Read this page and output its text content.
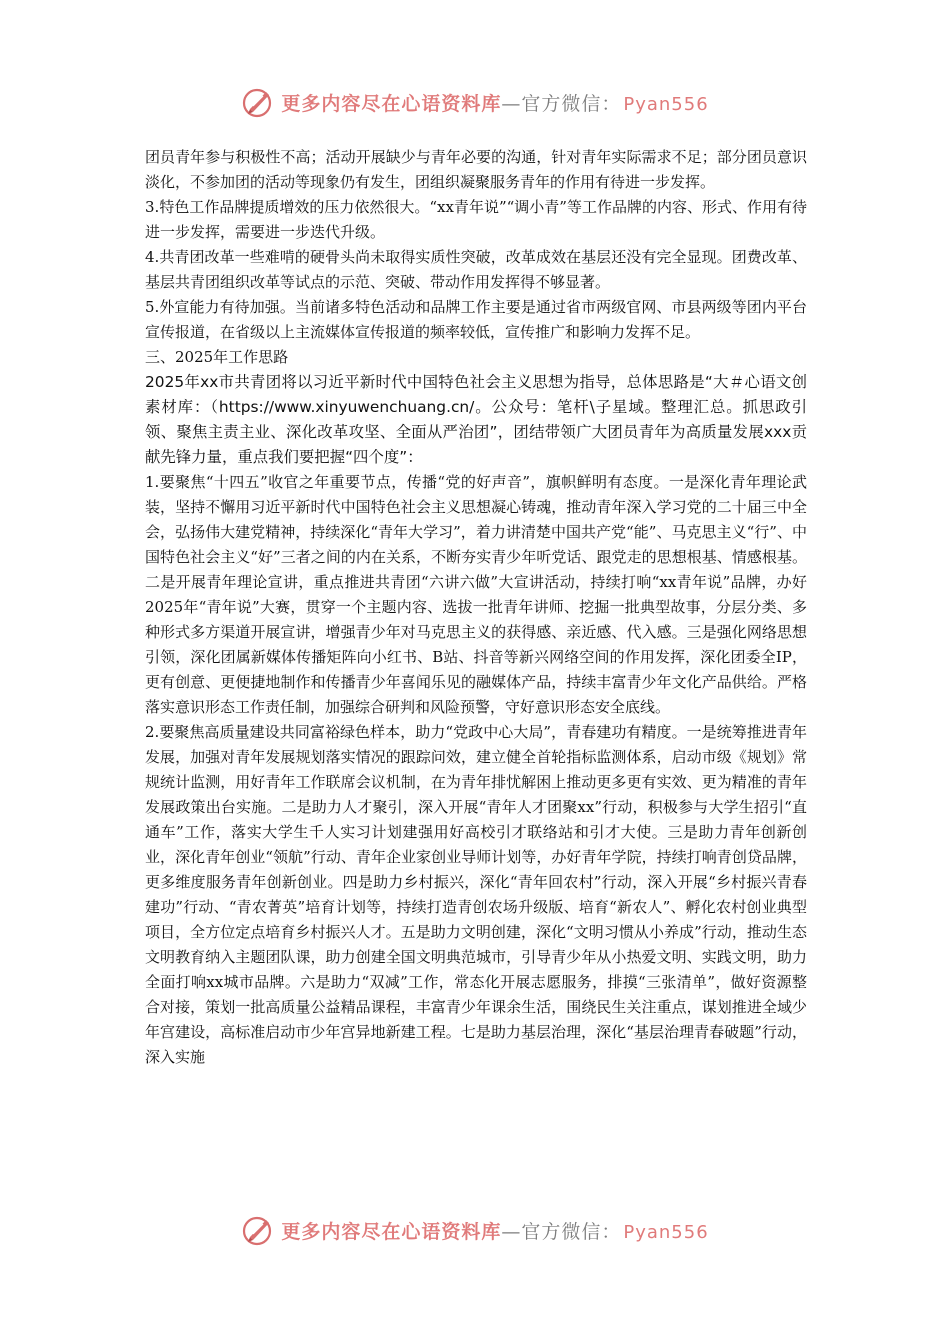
更多内容尽在心语资料库—官方微信： Pyan556

团员青年参与积极性不高；活动开展缺少与青年必要的沟通，针对青年实际需求不足；部分团员意识淡化，不参加团的活动等现象仍有发生，团组织凝聚服务青年的作用有待进一步发挥。

3.特色工作品牌提质增效的压力依然很大。“xx青年说”“调小青”等工作品牌的内容、形式、作用有待进一步发挥，需要进一步迭代升级。

4.共青团改革一些难啃的硬骨头尚未取得实质性突破，改革成效在基层还没有完全显现。团费改革、基层共青团组织改革等试点的示范、突破、带动作用发挥得不够显著。

5.外宣能力有待加强。当前诸多特色活动和品牌工作主要是通过省市两级官网、市县两级等团内平台宣传报道，在省级以上主流媒体宣传报道的频率较低，宣传推广和影响力发挥不足。

三、2025年工作思路

2025年xx市共青团将以习近平新时代中国特色社会主义思想为指导，总体思路是“大＃心语文创素材库：（https://www.xinyuwenchuang.cn/。公众号：笔杆\子星域。整理汇总。抓思政引领、聚焦主责主业、深化改革攻坚、全面从严治团”，团结带领广大团员青年为高质量发展xxx贡献先锋力量，重点我们要把握“四个度”：

1.要聚焦“十四五”收官之年重要节点，传播“党的好声音”，旗帜鲜明有态度。一是深化青年理论武装，坚持不懈用习近平新时代中国特色社会主义思想凝心铸魂，推动青年深入学习党的二十届三中全会，弘扬伟大建党精神，持续深化“青年大学习”，着力讲清楚中国共产党“能”、马克思主义“行”、中国特色社会主义“好”三者之间的内在关系，不断夯实青少年听党话、跟党走的思想根基、情感根基。二是开展青年理论宣讲，重点推进共青团“六讲六做”大宣讲活动，持续打响“xx青年说”品牌，办好2025年“青年说”大赛，贯穿一个主题内容、选拔一批青年讲师、挖掘一批典型故事，分层分类、多种形式多方渠道开展宣讲，增强青少年对马克思主义的获得感、亲近感、代入感。三是强化网络思想引领，深化团属新媒体传播矩阵向小红书、B站、抖音等新兴网络空间的作用发挥，深化团委全IP，更有创意、更便捷地制作和传播青少年喜闻乐见的融媒体产品，持续丰富青少年文化产品供给。严格落实意识形态工作责任制，加强综合研判和风险预警，守好意识形态安全底线。

2.要聚焦高质量建设共同富裕绿色样本，助力“党政中心大局”，青春建功有精度。一是统筹推进青年发展，加强对青年发展规划落实情况的跟踪问效，建立健全首轮指标监测体系，启动市级《规划》常规统计监测，用好青年工作联席会议机制，在为青年排忧解困上推动更多更有实效、更为精准的青年发展政策出台实施。二是助力人才聚引，深入开展“青年人才团聚xx”行动，积极参与大学生招引“直通车”工作，落实大学生千人实习计划建强用好高校引才联络站和引才大使。三是助力青年创新创业，深化青年创业“领航”行动、青年企业家创业导师计划等，办好青年学院，持续打响青创贷品牌，更多维度服务青年创新创业。四是助力乡村振兴，深化“青年回农村”行动，深入开展“乡村振兴青春建功”行动、“青农菁英”培育计划等，持续打造青创农场升级版、培育“新农人”、孵化农村创业典型项目，全方位定点培育乡村振兴人才。五是助力文明创建，深化“文明习惯从小养成”行动，推动生态文明教育纳入主题团队课，助力创建全国文明典范城市，引导青少年从小热爱文明、实践文明，助力全面打响xx城市品牌。六是助力“双减”工作，常态化开展志愿服务，排摸“三张清单”，做好资源整合对接，策划一批高质量公益精品课程，丰富青少年课余生活，围绕民生关注重点，谋划推进全域少年宫建设，高标准启动市少年宫异地新建工程。七是助力基层治理，深化“基层治理青春破题”行动，深入实施

更多内容尽在心语资料库—官方微信： Pyan556
